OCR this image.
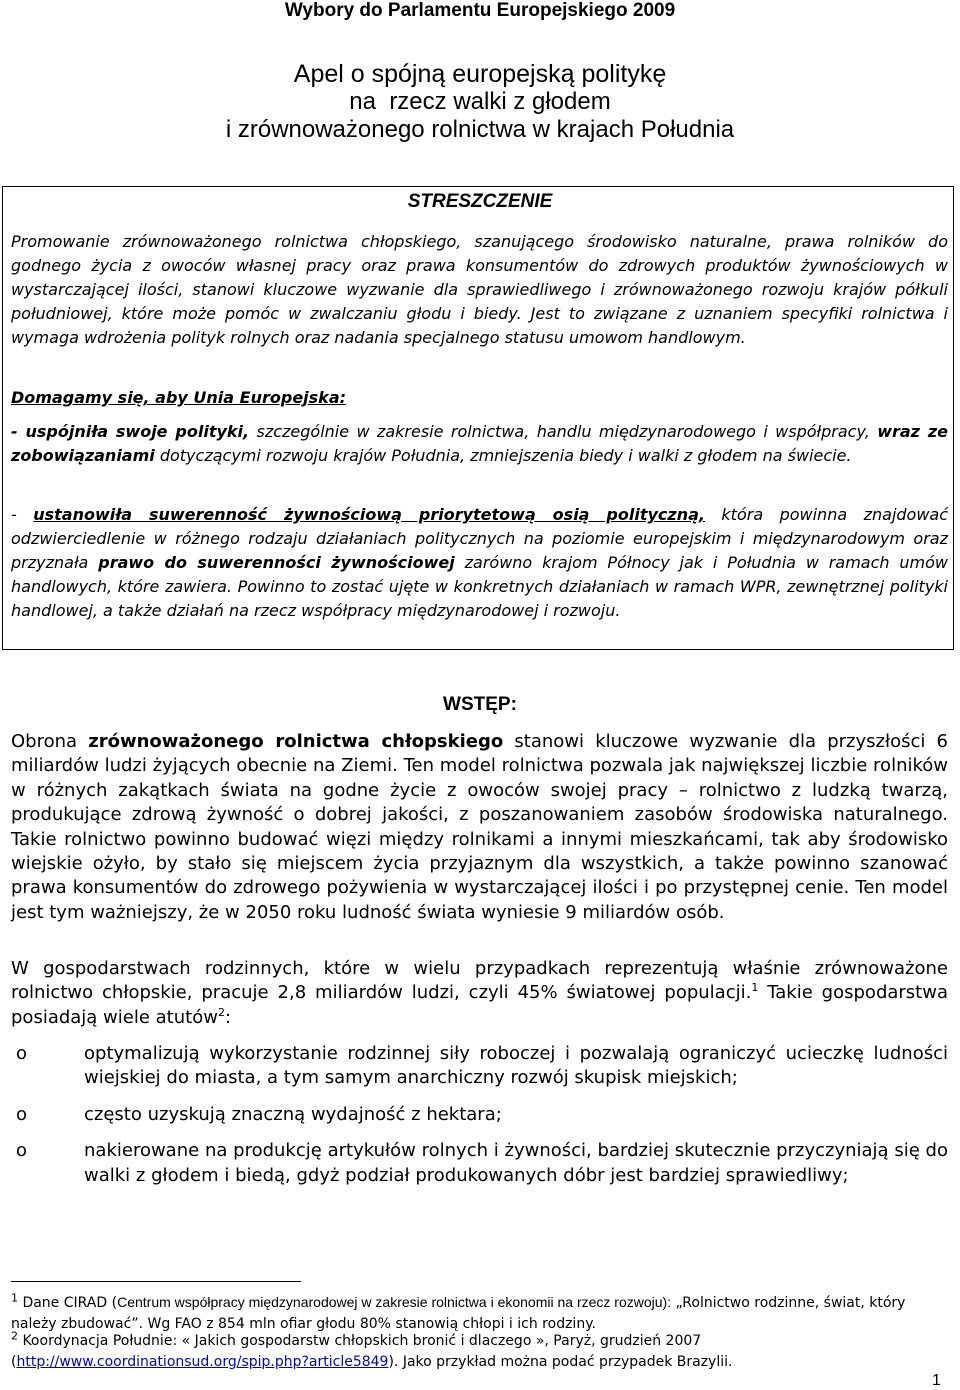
Wybory do Parlamentu Europejskiego 2009
Apel o spójną europejską politykę
na  rzecz walki z głodem
i zrównoważonego rolnictwa w krajach Południa
STRESZCZENIE

Promowanie zrównoważonego rolnictwa chłopskiego, szanującego środowisko naturalne, prawa rolników do godnego życia z owoców własnej pracy oraz prawa konsumentów do zdrowych produktów żywnościowych w wystarczającej ilości, stanowi kluczowe wyzwanie dla sprawiedliwego i zrównoważonego rozwoju krajów półkuli południowej, które może pomóc w zwalczaniu głodu i biedy. Jest to związane z uznaniem specyfiki rolnictwa i wymaga wdrożenia polityk rolnych oraz nadania specjalnego statusu umowom handlowym.

Domagamy się, aby Unia Europejska:

- uspójniła swoje polityki, szczególnie w zakresie rolnictwa, handlu międzynarodowego i współpracy, wraz ze zobowiązaniami dotyczącymi rozwoju krajów Południa, zmniejszenia biedy i walki z głodem na świecie.

- ustanowiła suwerenność żywnościową priorytetową osią polityczną, która powinna znajdować odzwierciedlenie w różnego rodzaju działaniach politycznych na poziomie europejskim i międzynarodowym oraz przyznała prawo do suwerenności żywnościowej zarówno krajom Północy jak i Południa w ramach umów handlowych, które zawiera. Powinno to zostać ujęte w konkretnych działaniach w ramach WPR, zewnętrznej polityki handlowej, a także działań na rzecz współpracy międzynarodowej i rozwoju.

WSTĘP:

Obrona zrównoważonego rolnictwa chłopskiego stanowi kluczowe wyzwanie dla przyszłości 6 miliardów ludzi żyjących obecnie na Ziemi. Ten model rolnictwa pozwala jak największej liczbie rolników w różnych zakątkach świata na godne życie z owoców swojej pracy – rolnictwo z ludzką twarzą, produkujące zdrową żywność o dobrej jakości, z poszanowaniem zasobów środowiska naturalnego. Takie rolnictwo powinno budować więzi między rolnikami a innymi mieszkańcami, tak aby środowisko wiejskie ożyło, by stało się miejscem życia przyjaznym dla wszystkich, a także powinno szanować prawa konsumentów do zdrowego pożywienia w wystarczającej ilości i po przystępnej cenie. Ten model jest tym ważniejszy, że w 2050 roku ludność świata wyniesie 9 miliardów osób.

W gospodarstwach rodzinnych, które w wielu przypadkach reprezentują właśnie zrównoważone rolnictwo chłopskie, pracuje 2,8 miliardów ludzi, czyli 45% światowej populacji.$^1$ Takie gospodarstwa posiadają wiele atutów$^2$:

o	optymalizują wykorzystanie rodzinnej siły roboczej i pozwalają ograniczyć ucieczkę ludności wiejskiej do miasta, a tym samym anarchiczny rozwój skupisk miejskich;
o	często uzyskują znaczną wydajność z hektara;
o	nakierowane na produkcję artykułów rolnych i żywności, bardziej skutecznie przyczyniają się do walki z głodem i biedą, gdyż podział produkowanych dóbr jest bardziej sprawiedliwy;

$^1$ Dane CIRAD (Centrum współpracy międzynarodowej w zakresie rolnictwa i ekonomii na rzecz rozwoju): „Rolnictwo rodzinne, świat, który należy zbudować”. Wg FAO z 854 mln ofiar głodu 80% stanowią chłopi i ich rodziny.

$^2$ Koordynacja Południe: « Jakich gospodarstw chłopskich bronić i dlaczego », Paryż, grudzień 2007 (http://www.coordinationsud.org/spip.php?article5849). Jako przykład można podać przypadek Brazylii.

1
